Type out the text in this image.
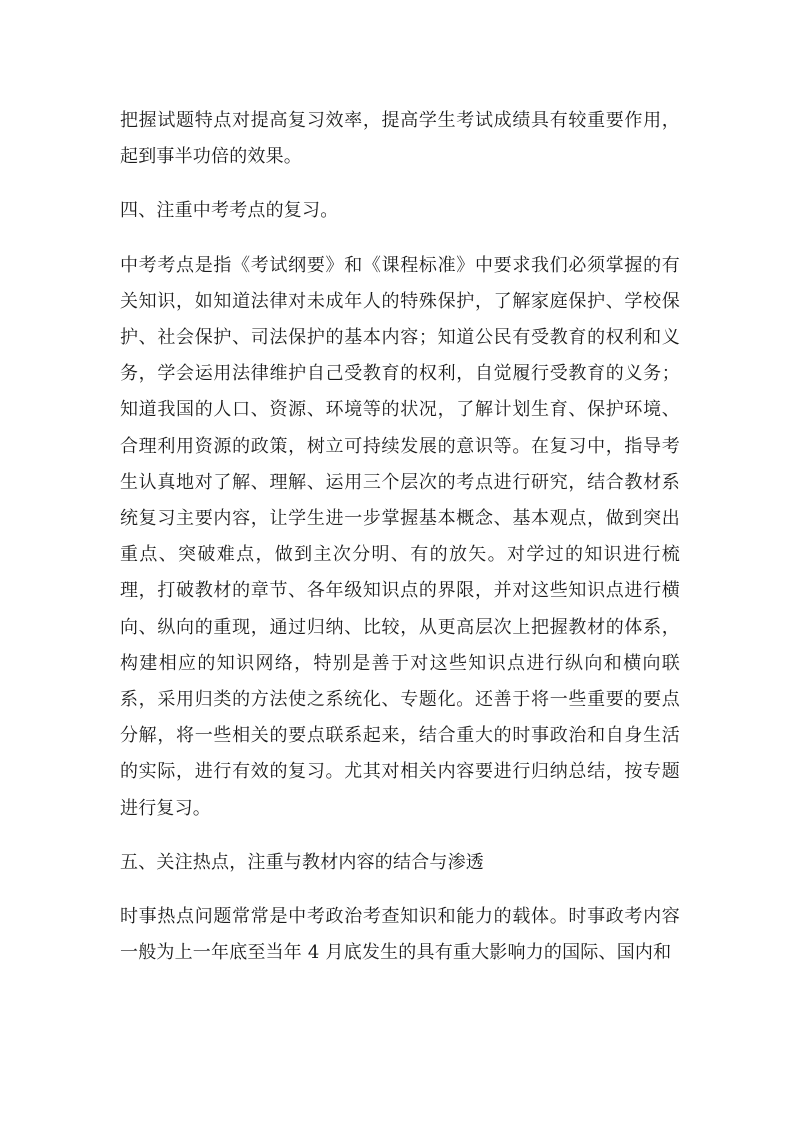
把握试题特点对提高复习效率，提高学生考试成绩具有较重要作用，起到事半功倍的效果。

四、注重中考考点的复习。

中考考点是指《考试纲要》和《课程标准》中要求我们必须掌握的有关知识，如知道法律对未成年人的特殊保护，了解家庭保护、学校保护、社会保护、司法保护的基本内容；知道公民有受教育的权利和义务，学会运用法律维护自己受教育的权利，自觉履行受教育的义务；知道我国的人口、资源、环境等的状况，了解计划生育、保护环境、合理利用资源的政策，树立可持续发展的意识等。在复习中，指导考生认真地对了解、理解、运用三个层次的考点进行研究，结合教材系统复习主要内容，让学生进一步掌握基本概念、基本观点，做到突出重点、突破难点，做到主次分明、有的放矢。对学过的知识进行梳理，打破教材的章节、各年级知识点的界限，并对这些知识点进行横向、纵向的重现，通过归纳、比较，从更高层次上把握教材的体系，构建相应的知识网络，特别是善于对这些知识点进行纵向和横向联系，采用归类的方法使之系统化、专题化。还善于将一些重要的要点分解，将一些相关的要点联系起来，结合重大的时事政治和自身生活的实际，进行有效的复习。尤其对相关内容要进行归纳总结，按专题进行复习。

五、关注热点，注重与教材内容的结合与渗透

时事热点问题常常是中考政治考查知识和能力的载体。时事政考内容一般为上一年底至当年 4 月底发生的具有重大影响力的国际、国内和
